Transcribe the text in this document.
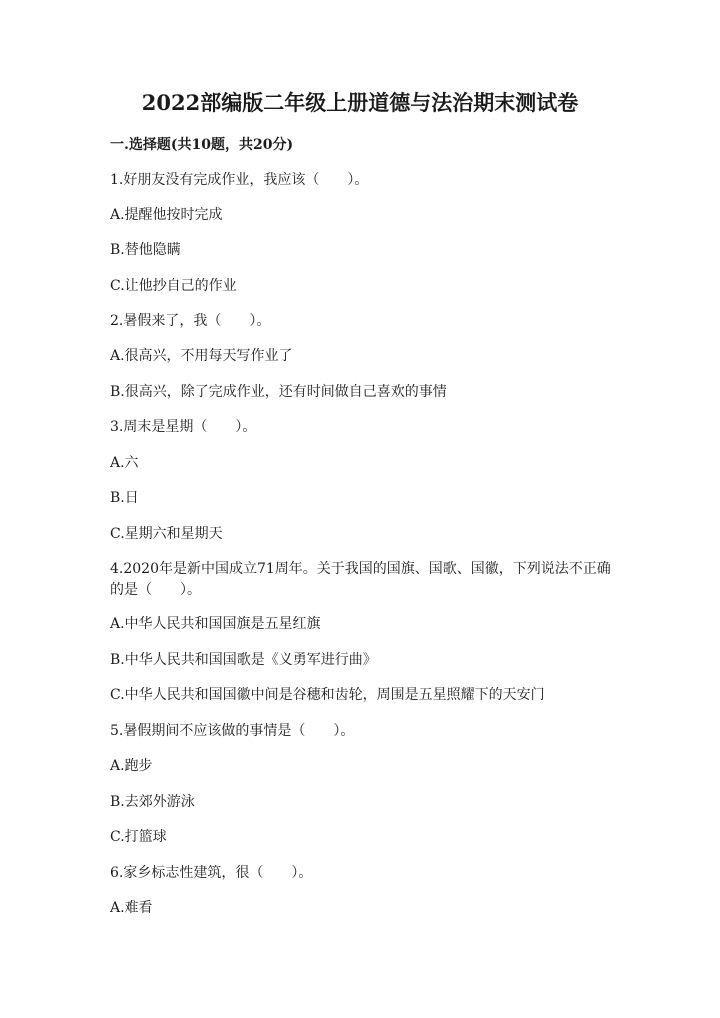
2022部编版二年级上册道德与法治期末测试卷
一.选择题(共10题，共20分)
1.好朋友没有完成作业，我应该（　　）。
A.提醒他按时完成
B.替他隐瞒
C.让他抄自己的作业
2.暑假来了，我（　　）。
A.很高兴，不用每天写作业了
B.很高兴，除了完成作业，还有时间做自己喜欢的事情
3.周末是星期（　　）。
A.六
B.日
C.星期六和星期天
4.2020年是新中国成立71周年。关于我国的国旗、国歌、国徽，下列说法不正确的是（　　）。
A.中华人民共和国国旗是五星红旗
B.中华人民共和国国歌是《义勇军进行曲》
C.中华人民共和国国徽中间是谷穗和齿轮，周围是五星照耀下的天安门
5.暑假期间不应该做的事情是（　　）。
A.跑步
B.去郊外游泳
C.打篮球
6.家乡标志性建筑，很（　　）。
A.难看
